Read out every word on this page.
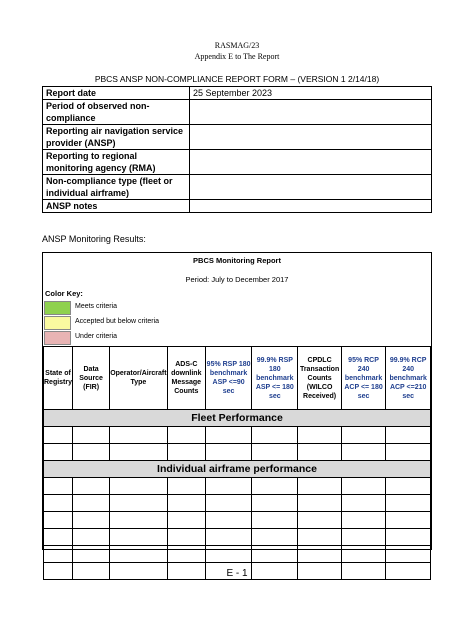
RASMAG/23
Appendix E to The Report
PBCS ANSP NON-COMPLIANCE REPORT FORM – (VERSION 1 2/14/18)
Report date	25 September 2023
Period of observed non-compliance	
Reporting air navigation service provider (ANSP)	
Reporting to regional monitoring agency (RMA)	
Non-compliance type (fleet or individual airframe)	
ANSP notes	
ANSP Monitoring Results:
PBCS Monitoring Report
Period: July to December 2017
Color Key:
Meets criteria
Accepted but below criteria
Under criteria
State of Registry	Data Source (FIR)	Operator/Aircraft Type	ADS-C downlink Message Counts	95% RSP 180 benchmark ASP <=90 sec	99.9% RSP 180 benchmark ASP <= 180 sec	CPDLC Transaction Counts (WILCO Received)	95% RCP 240 benchmark ACP <= 180 sec	99.9% RCP 240 benchmark ACP <=210 sec
Fleet Performance								

Individual airframe performance								

E - 1
